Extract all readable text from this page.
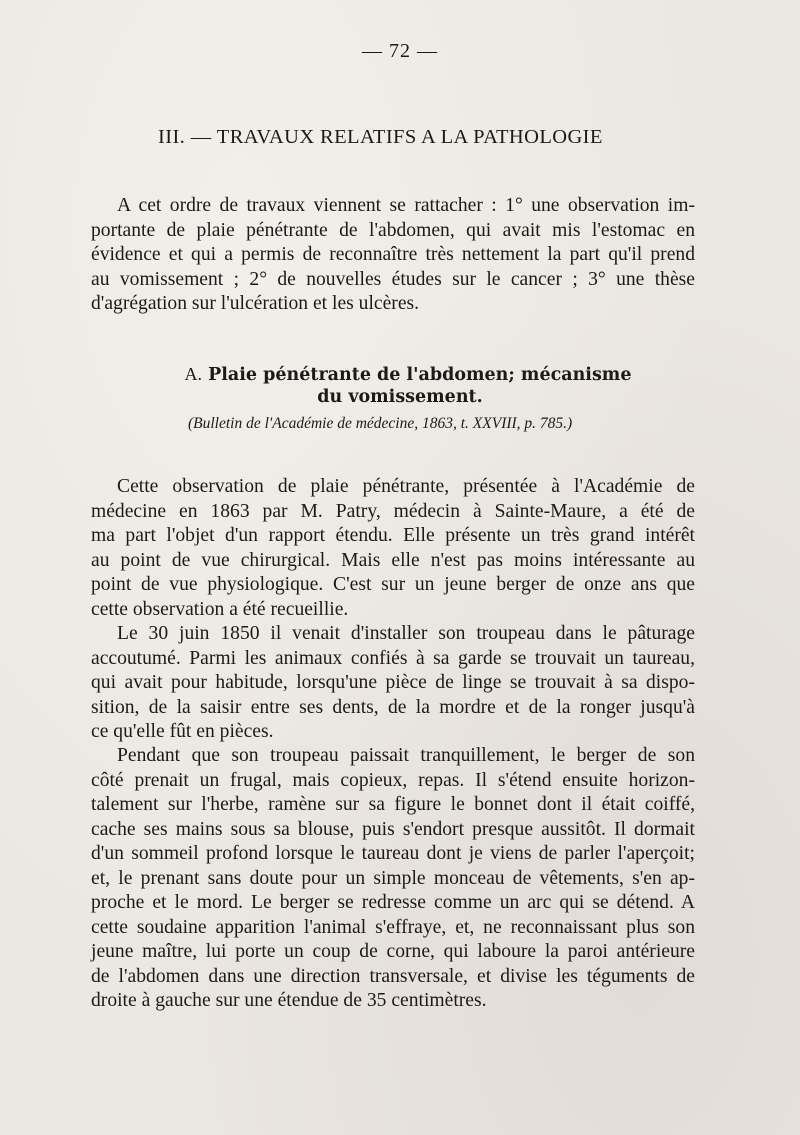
— 72 —
III. — TRAVAUX RELATIFS A LA PATHOLOGIE

A cet ordre de travaux viennent se rattacher : 1° une observation im-
portante de plaie pénétrante de l'abdomen, qui avait mis l'estomac en
évidence et qui a permis de reconnaître très nettement la part qu'il prend
au vomissement ; 2° de nouvelles études sur le cancer ; 3° une thèse
d'agrégation sur l'ulcération et les ulcères.

A. Plaie pénétrante de l'abdomen; mécanisme
du vomissement.
(Bulletin de l'Académie de médecine, 1863, t. XXVIII, p. 785.)

Cette observation de plaie pénétrante, présentée à l'Académie de
médecine en 1863 par M. Patry, médecin à Sainte-Maure, a été de
ma part l'objet d'un rapport étendu. Elle présente un très grand intérêt
au point de vue chirurgical. Mais elle n'est pas moins intéressante au
point de vue physiologique. C'est sur un jeune berger de onze ans que
cette observation a été recueillie.

Le 30 juin 1850 il venait d'installer son troupeau dans le pâturage
accoutumé. Parmi les animaux confiés à sa garde se trouvait un taureau,
qui avait pour habitude, lorsqu'une pièce de linge se trouvait à sa dispo-
sition, de la saisir entre ses dents, de la mordre et de la ronger jusqu'à
ce qu'elle fût en pièces.

Pendant que son troupeau paissait tranquillement, le berger de son
côté prenait un frugal, mais copieux, repas. Il s'étend ensuite horizon-
talement sur l'herbe, ramène sur sa figure le bonnet dont il était coiffé,
cache ses mains sous sa blouse, puis s'endort presque aussitôt. Il dormait
d'un sommeil profond lorsque le taureau dont je viens de parler l'aperçoit;
et, le prenant sans doute pour un simple monceau de vêtements, s'en ap-
proche et le mord. Le berger se redresse comme un arc qui se détend. A
cette soudaine apparition l'animal s'effraye, et, ne reconnaissant plus son
jeune maître, lui porte un coup de corne, qui laboure la paroi antérieure
de l'abdomen dans une direction transversale, et divise les téguments de
droite à gauche sur une étendue de 35 centimètres.
